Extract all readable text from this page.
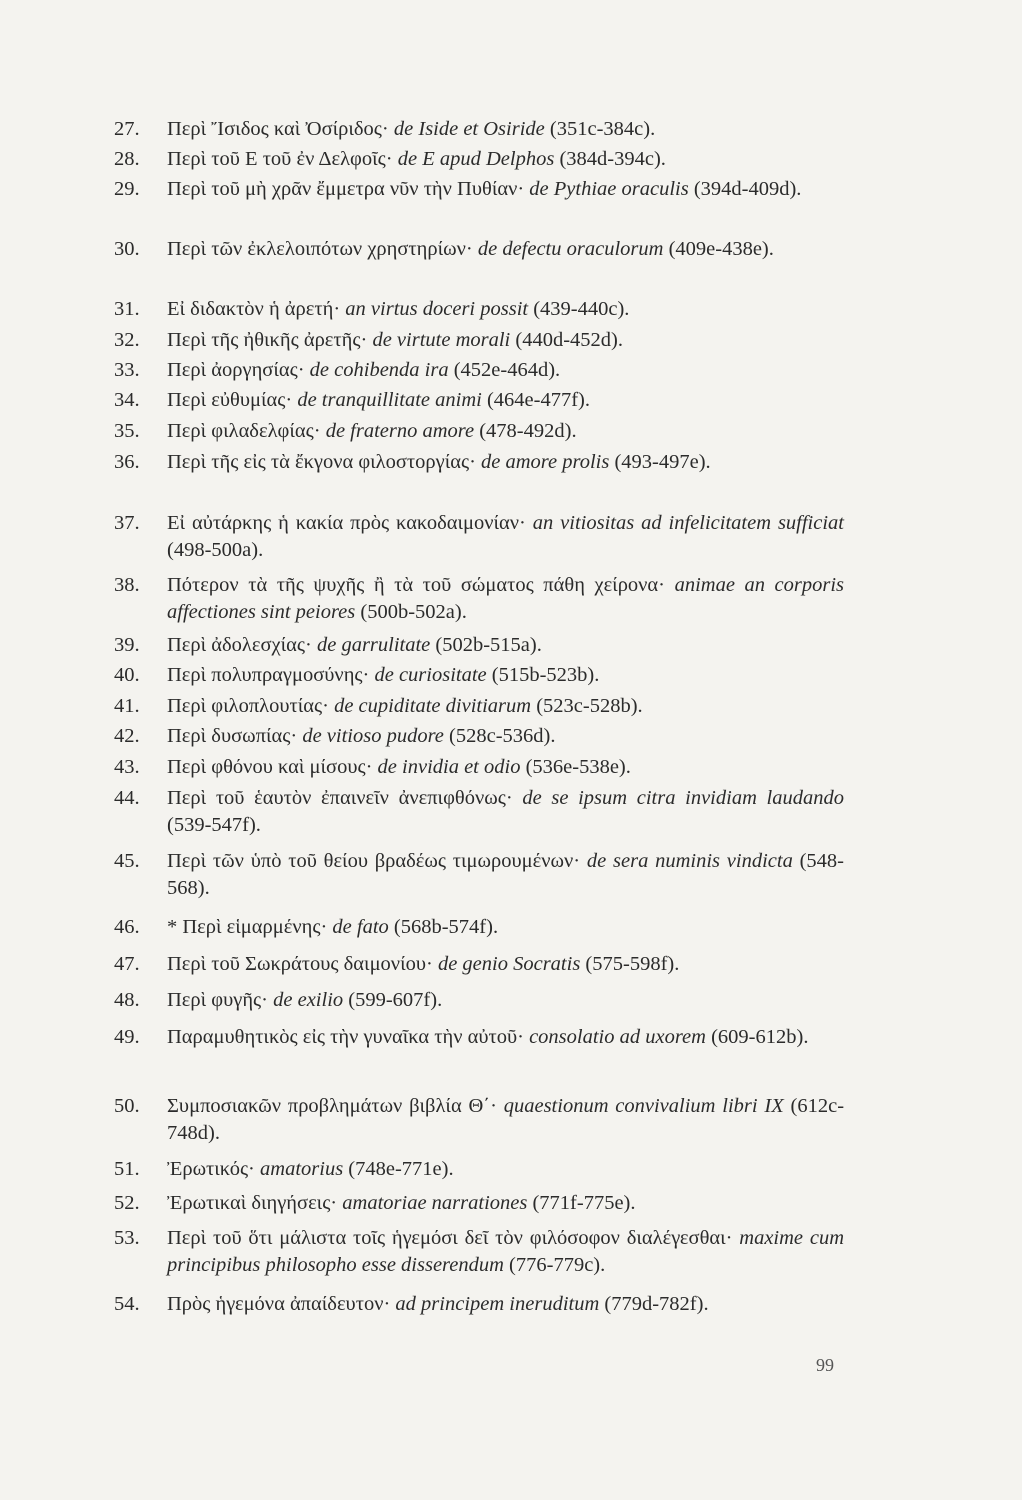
27.	Περὶ Ἴσιδος καὶ Ὀσίριδος· de Iside et Osiride (351c-384c).
28.	Περὶ τοῦ Ε τοῦ ἐν Δελφοῖς· de E apud Delphos (384d-394c).
29.	Περὶ τοῦ μὴ χρᾶν ἔμμετρα νῦν τὴν Πυθίαν· de Pythiae oraculis (394d-409d).
30.	Περὶ τῶν ἐκλελοιπότων χρηστηρίων· de defectu oraculorum (409e-438e).
31.	Εἰ διδακτὸν ἡ ἀρετή· an virtus doceri possit (439-440c).
32.	Περὶ τῆς ἠθικῆς ἀρετῆς· de virtute morali (440d-452d).
33.	Περὶ ἀοργησίας· de cohibenda ira (452e-464d).
34.	Περὶ εὐθυμίας· de tranquillitate animi (464e-477f).
35.	Περὶ φιλαδελφίας· de fraterno amore (478-492d).
36.	Περὶ τῆς εἰς τὰ ἔκγονα φιλοστοργίας· de amore prolis (493-497e).
37.	Εἰ αὐτάρκης ἡ κακία πρὸς κακοδαιμονίαν· an vitiositas ad infelicitatem sufficiat (498-500a).
38.	Πότερον τὰ τῆς ψυχῆς ἢ τὰ τοῦ σώματος πάθη χείρονα· animae an corporis affectiones sint peiores (500b-502a).
39.	Περὶ ἀδολεσχίας· de garrulitate (502b-515a).
40.	Περὶ πολυπραγμοσύνης· de curiositate (515b-523b).
41.	Περὶ φιλοπλουτίας· de cupiditate divitiarum (523c-528b).
42.	Περὶ δυσωπίας· de vitioso pudore (528c-536d).
43.	Περὶ φθόνου καὶ μίσους· de invidia et odio (536e-538e).
44.	Περὶ τοῦ ἑαυτὸν ἐπαινεῖν ἀνεπιφθόνως· de se ipsum citra invidiam laudando (539-547f).
45.	Περὶ τῶν ὑπὸ τοῦ θείου βραδέως τιμωρουμένων· de sera numinis vindicta (548-568).
46.	* Περὶ εἱμαρμένης· de fato (568b-574f).
47.	Περὶ τοῦ Σωκράτους δαιμονίου· de genio Socratis (575-598f).
48.	Περὶ φυγῆς· de exilio (599-607f).
49.	Παραμυθητικὸς εἰς τὴν γυναῖκα τὴν αὐτοῦ· consolatio ad uxorem (609-612b).
50.	Συμποσιακῶν προβλημάτων βιβλία Θ΄· quaestionum convivalium libri IX (612c-748d).
51.	Ἐρωτικός· amatorius (748e-771e).
52.	Ἐρωτικαὶ διηγήσεις· amatoriae narrationes (771f-775e).
53.	Περὶ τοῦ ὅτι μάλιστα τοῖς ἡγεμόσι δεῖ τὸν φιλόσοφον διαλέγεσθαι· maxime cum principibus philosopho esse disserendum (776-779c).
54.	Πρὸς ἡγεμόνα ἀπαίδευτον· ad principem ineruditum (779d-782f).
99
